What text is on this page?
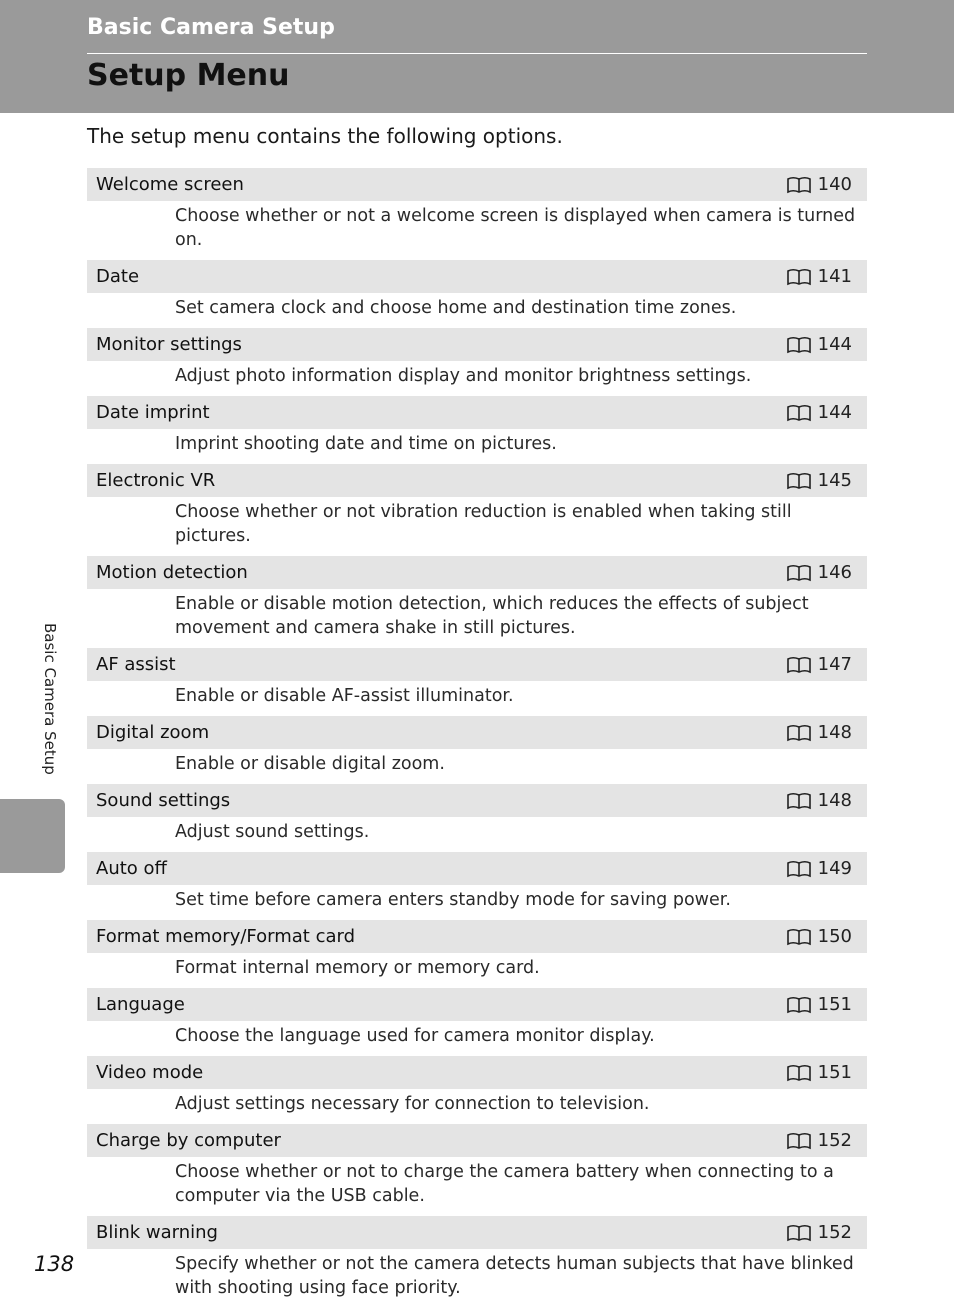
Basic Camera Setup
Setup Menu
The setup menu contains the following options.
Welcome screen	140
Choose whether or not a welcome screen is displayed when camera is turned on.
Date	141
Set camera clock and choose home and destination time zones.
Monitor settings	144
Adjust photo information display and monitor brightness settings.
Date imprint	144
Imprint shooting date and time on pictures.
Electronic VR	145
Choose whether or not vibration reduction is enabled when taking still pictures.
Motion detection	146
Enable or disable motion detection, which reduces the effects of subject movement and camera shake in still pictures.
AF assist	147
Enable or disable AF-assist illuminator.
Digital zoom	148
Enable or disable digital zoom.
Sound settings	148
Adjust sound settings.
Auto off	149
Set time before camera enters standby mode for saving power.
Format memory/Format card	150
Format internal memory or memory card.
Language	151
Choose the language used for camera monitor display.
Video mode	151
Adjust settings necessary for connection to television.
Charge by computer	152
Choose whether or not to charge the camera battery when connecting to a computer via the USB cable.
Blink warning	152
Specify whether or not the camera detects human subjects that have blinked with shooting using face priority.
Basic Camera Setup
138
